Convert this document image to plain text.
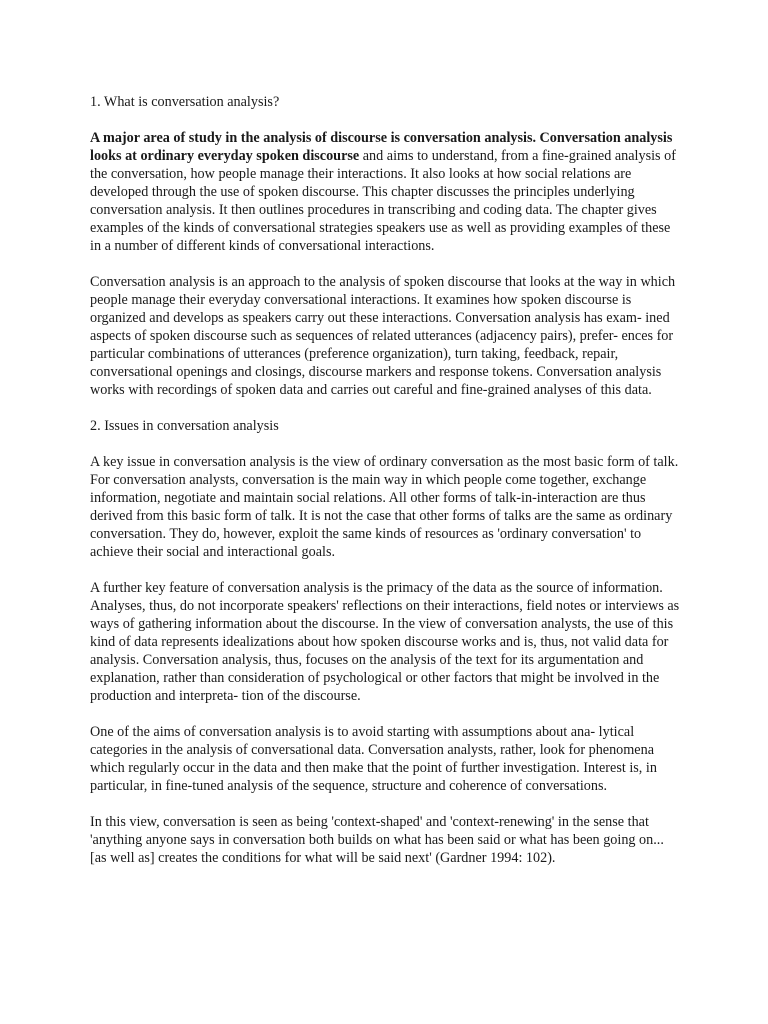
1. What is conversation analysis?

A major area of study in the analysis of discourse is conversation analysis. Conversation analysis looks at ordinary everyday spoken discourse and aims to understand, from a fine-grained analysis of the conversation, how people manage their interactions. It also looks at how social relations are developed through the use of spoken discourse. This chapter discusses the principles underlying conversation analysis. It then outlines procedures in transcribing and coding data. The chapter gives examples of the kinds of conversational strategies speakers use as well as providing examples of these in a number of different kinds of conversational interactions.

Conversation analysis is an approach to the analysis of spoken discourse that looks at the way in which people manage their everyday conversational interactions. It examines how spoken discourse is organized and develops as speakers carry out these interactions. Conversation analysis has exam- ined aspects of spoken discourse such as sequences of related utterances (adjacency pairs), prefer- ences for particular combinations of utterances (preference organization), turn taking, feedback, repair, conversational openings and closings, discourse markers and response tokens. Conversation analysis works with recordings of spoken data and carries out careful and fine-grained analyses of this data.

2. Issues in conversation analysis

A key issue in conversation analysis is the view of ordinary conversation as the most basic form of talk. For conversation analysts, conversation is the main way in which people come together, exchange information, negotiate and maintain social relations. All other forms of talk-in-interaction are thus derived from this basic form of talk. It is not the case that other forms of talks are the same as ordinary conversation. They do, however, exploit the same kinds of resources as 'ordinary conversation' to achieve their social and interactional goals.

A further key feature of conversation analysis is the primacy of the data as the source of information. Analyses, thus, do not incorporate speakers' reflections on their interactions, field notes or interviews as ways of gathering information about the discourse. In the view of conversation analysts, the use of this kind of data represents idealizations about how spoken discourse works and is, thus, not valid data for analysis. Conversation analysis, thus, focuses on the analysis of the text for its argumentation and explanation, rather than consideration of psychological or other factors that might be involved in the production and interpreta- tion of the discourse.

One of the aims of conversation analysis is to avoid starting with assumptions about ana- lytical categories in the analysis of conversational data. Conversation analysts, rather, look for phenomena which regularly occur in the data and then make that the point of further investigation. Interest is, in particular, in fine-tuned analysis of the sequence, structure and coherence of conversations.

In this view, conversation is seen as being 'context-shaped' and 'context-renewing' in the sense that 'anything anyone says in conversation both builds on what has been said or what has been going on... [as well as] creates the conditions for what will be said next' (Gardner 1994: 102).
